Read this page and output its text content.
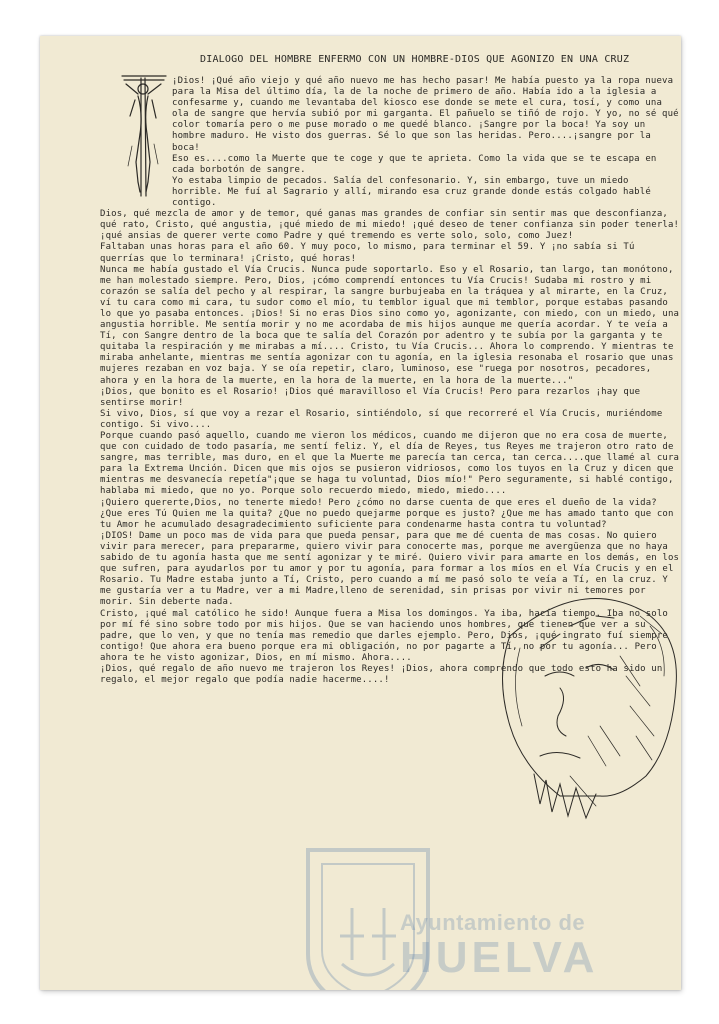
DIALOGO DEL HOMBRE ENFERMO CON UN HOMBRE-DIOS QUE AGONIZO EN UNA CRUZ

¡Dios! ¡Qué año viejo y qué año nuevo me has hecho pasar! Me había puesto ya la ropa nueva para la Misa del último día, la de la noche de primero de año. Había ido a la iglesia a confesarme y, cuando me levantaba del kiosco ese donde se mete el cura, tosí, y como una ola de sangre que hervía subió por mi garganta. El pañuelo se tiñó de rojo. Y yo, no sé qué color tomaría pero o me puse morado o me quedé blanco. ¡Sangre por la boca! Ya soy un hombre maduro. He visto dos guerras. Sé lo que son las heridas. Pero....¡sangre por la boca!

Eso es....como la Muerte que te coge y que te aprieta. Como la vida que se te escapa en cada borbotón de sangre.

Yo estaba limpio de pecados. Salía del confesonario. Y, sin embargo, tuve un miedo horrible. Me fuí al Sagrario y allí, mirando esa cruz grande donde estás colgado hablé contigo.

Dios, qué mezcla de amor y de temor, qué ganas mas grandes de confiar sin sentir mas que desconfianza, qué rato, Cristo, qué angustia, ¡qué miedo de mi miedo! ¡qué deseo de tener confianza sin poder tenerla! ¡qué ansias de querer verte como Padre y qué tremendo es verte solo, solo, como Juez!

Faltaban unas horas para el año 60. Y muy poco, lo mismo, para terminar el 59. Y ¡no sabía si Tú querrías que lo terminara! ¡Cristo, qué horas!

Nunca me había gustado el Vía Crucis. Nunca pude soportarlo. Eso y el Rosario, tan largo, tan monótono, me han molestado siempre. Pero, Dios, ¡cómo comprendí entonces tu Vía Crucis! Sudaba mi rostro y mi corazón se salía del pecho y al respirar, la sangre burbujeaba en la tráquea y al mirarte, en la Cruz, ví tu cara como mi cara, tu sudor como el mío, tu temblor igual que mi temblor, porque estabas pasando lo que yo pasaba entonces. ¡Dios! Si no eras Dios sino como yo, agonizante, con miedo, con un miedo, una angustia horrible. Me sentía morir y no me acordaba de mis hijos aunque me quería acordar. Y te veía a Tí, con Sangre dentro de la boca que te salía del Corazón por adentro y te subía por la garganta y te quitaba la respiración y me mirabas a mí.... Cristo, tu Vía Crucis... Ahora lo comprendo. Y mientras te miraba anhelante, mientras me sentía agonizar con tu agonía, en la iglesia resonaba el rosario que unas mujeres rezaban en voz baja. Y se oía repetir, claro, luminoso, ese "ruega por nosotros, pecadores, ahora y en la hora de la muerte, en la hora de la muerte, en la hora de la muerte..."

¡Dios, que bonito es el Rosario! ¡Dios qué maravilloso el Vía Crucis! Pero para rezarlos ¡hay que sentirse morir!

Si vivo, Dios, sí que voy a rezar el Rosario, sintiéndolo, sí que recorreré el Vía Crucis, muriéndome contigo. Si vivo....

Porque cuando pasó aquello, cuando me vieron los médicos, cuando me dijeron que no era cosa de muerte, que con cuidado de todo pasaría, me sentí feliz. Y, el día de Reyes, tus Reyes me trajeron otro rato de sangre, mas terrible, mas duro, en el que la Muerte me parecía tan cerca, tan cerca....que llamé al cura para la Extrema Unción. Dicen que mis ojos se pusieron vidriosos, como los tuyos en la Cruz y dicen que mientras me desvanecía repetía"¡que se haga tu voluntad, Dios mío!" Pero seguramente, si hablé contigo, hablaba mi miedo, que no yo. Porque solo recuerdo miedo, miedo, miedo....

¡Quiero quererte,Dios, no tenerte miedo! Pero ¿cómo no darse cuenta de que eres el dueño de la vida? ¿Que eres Tú Quien me la quita? ¿Que no puedo quejarme porque es justo? ¿Que me has amado tanto que con tu Amor he acumulado desagradecimiento suficiente para condenarme hasta contra tu voluntad?

¡DIOS! Dame un poco mas de vida para que pueda pensar, para que me dé cuenta de mas cosas. No quiero vivir para merecer, para prepararme, quiero vivir para conocerte mas, porque me avergüenza que no haya sabido de tu agonía hasta que me sentí agonizar y te miré. Quiero vivir para amarte en los demás, en los que sufren, para ayudarlos por tu amor y por tu agonía, para formar a los míos en el Vía Crucis y en el Rosario. Tu Madre estaba junto a Tí, Cristo, pero cuando a mí me pasó solo te veía a Tí, en la cruz. Y me gustaría ver a tu Madre, ver a mi Madre,lleno de serenidad, sin prisas por vivir ni temores por morir. Sin deberte nada.

Cristo, ¡qué mal católico he sido! Aunque fuera a Misa los domingos. Ya iba, hacía tiempo. Iba no solo por mí fé sino sobre todo por mis hijos. Que se van haciendo unos hombres, que tienen que ver a su padre, que lo ven, y que no tenía mas remedio que darles ejemplo. Pero, Dios, ¡qué ingrato fuí siempre contigo! Que ahora era bueno porque era mi obligación, no por pagarte a Tí, no por tu agonía... Pero ahora te he visto agonizar, Dios, en mí mismo. Ahora....

¡Dios, qué regalo de año nuevo me trajeron los Reyes! ¡Dios, ahora comprendo que todo esto ha sido un regalo, el mejor regalo que podía nadie hacerme....!

Ayuntamiento de
HUELVA
